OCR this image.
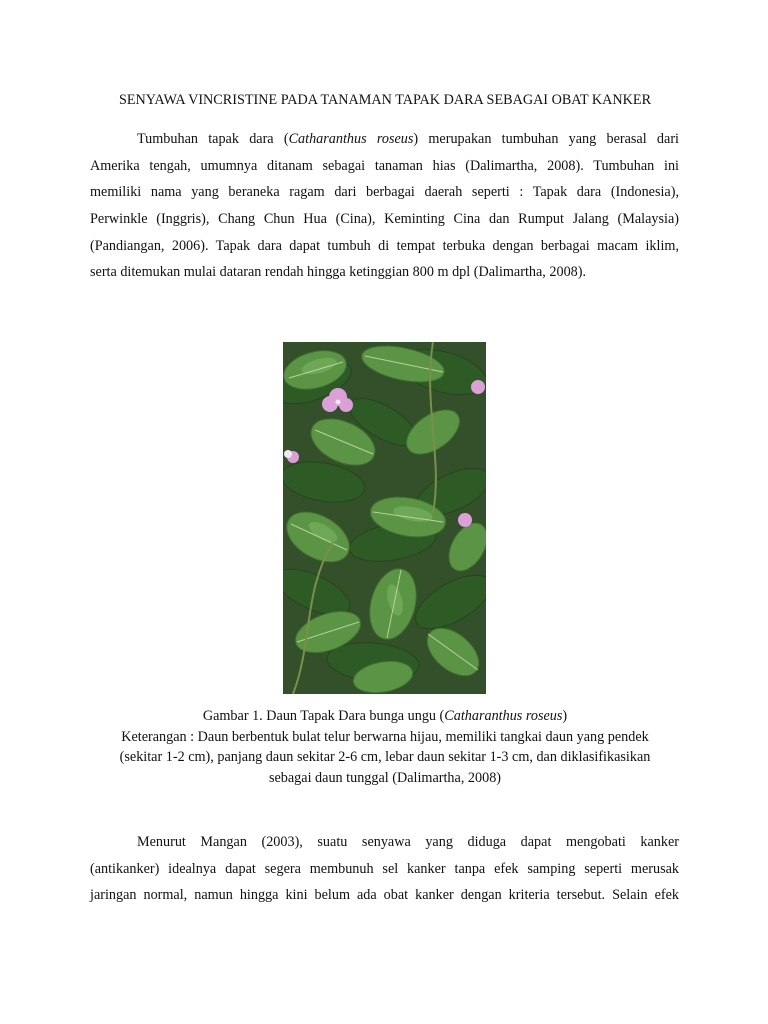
SENYAWA VINCRISTINE PADA TANAMAN TAPAK DARA SEBAGAI OBAT KANKER
Tumbuhan tapak dara (Catharanthus roseus) merupakan tumbuhan yang berasal dari
Amerika tengah, umumnya ditanam sebagai tanaman hias (Dalimartha, 2008). Tumbuhan ini
memiliki nama yang beraneka ragam dari berbagai daerah seperti : Tapak dara (Indonesia),
Perwinkle (Inggris), Chang Chun Hua (Cina), Keminting Cina dan Rumput Jalang (Malaysia)
(Pandiangan, 2006). Tapak dara dapat tumbuh di tempat terbuka dengan berbagai macam iklim,
serta ditemukan mulai dataran rendah hingga ketinggian 800 m dpl (Dalimartha, 2008).
Gambar 1. Daun Tapak Dara bunga ungu (Catharanthus roseus)
Keterangan : Daun berbentuk bulat telur berwarna hijau, memiliki tangkai daun yang pendek
(sekitar 1-2 cm), panjang daun sekitar 2-6 cm, lebar daun sekitar 1-3 cm, dan diklasifikasikan
sebagai daun tunggal (Dalimartha, 2008)
Menurut Mangan (2003), suatu senyawa yang diduga dapat mengobati kanker
(antikanker) idealnya dapat segera membunuh sel kanker tanpa efek samping seperti merusak
jaringan normal, namun hingga kini belum ada obat kanker dengan kriteria tersebut. Selain efek
